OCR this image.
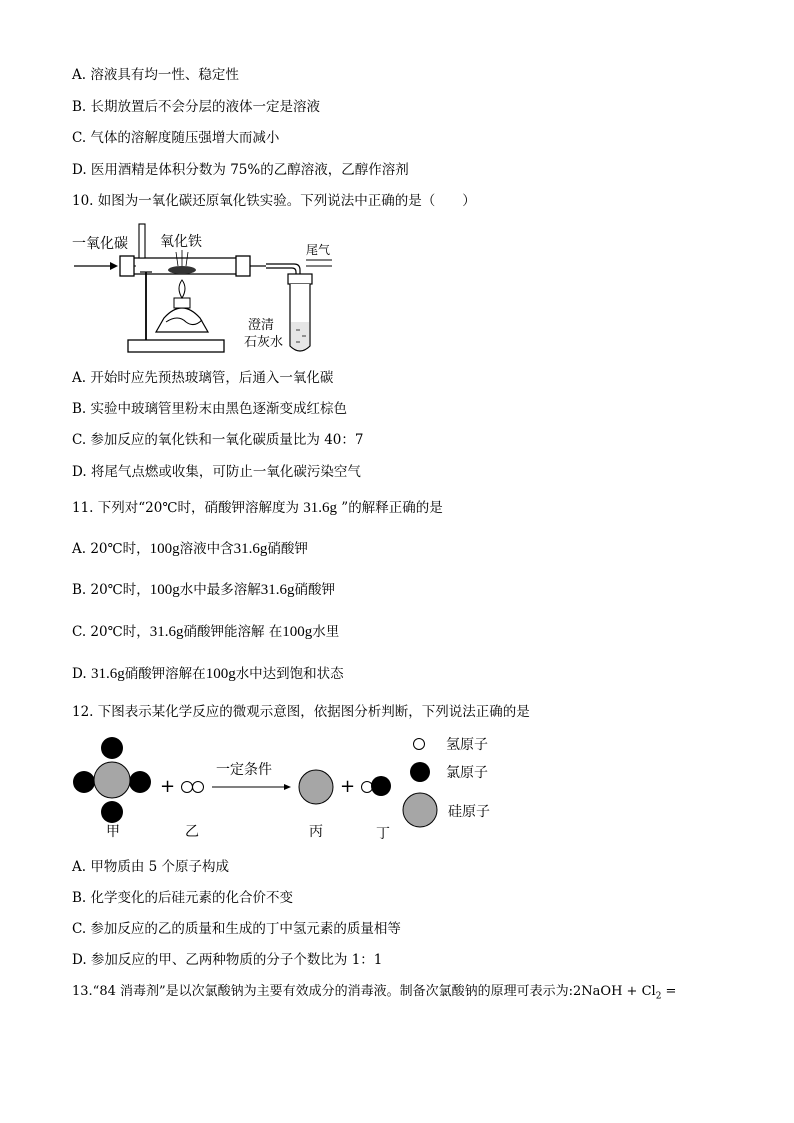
A. 溶液具有均一性、稳定性
B. 长期放置后不会分层的液体一定是溶液
C. 气体的溶解度随压强增大而减小
D. 医用酒精是体积分数为 75%的乙醇溶液，乙醇作溶剂
10. 如图为一氧化碳还原氧化铁实验。下列说法中正确的是（　　）
一氧化碳 氧化铁	尾气
澄清
石灰水
A. 开始时应先预热玻璃管，后通入一氧化碳
B. 实验中玻璃管里粉末由黑色逐渐变成红棕色
C. 参加反应的氧化铁和一氧化碳质量比为 40：7
D. 将尾气点燃或收集，可防止一氧化碳污染空气
11. 下列对“20℃时，硝酸钾溶解度为 31.6g ”的解释正确的是
A. 20℃时，100g溶液中含31.6g硝酸钾
B. 20℃时，100g水中最多溶解31.6g硝酸钾
C. 20℃时，31.6g硝酸钾能溶解 在100g水里
D. 31.6g硝酸钾溶解在100g水中达到饱和状态
12. 下图表示某化学反应的微观示意图，依据图分析判断，下列说法正确的是
甲
+
乙
一定条件
丙
+
丁
氢原子
氯原子
硅原子
A. 甲物质由 5 个原子构成
B. 化学变化的后硅元素的化合价不变
C. 参加反应的乙的质量和生成的丁中氢元素的质量相等
D. 参加反应的甲、乙两种物质的分子个数比为 1：1
13.“84 消毒剂”是以次氯酸钠为主要有效成分的消毒液。制备次氯酸钠的原理可表示为:2NaOH + $Cl_2$ =
